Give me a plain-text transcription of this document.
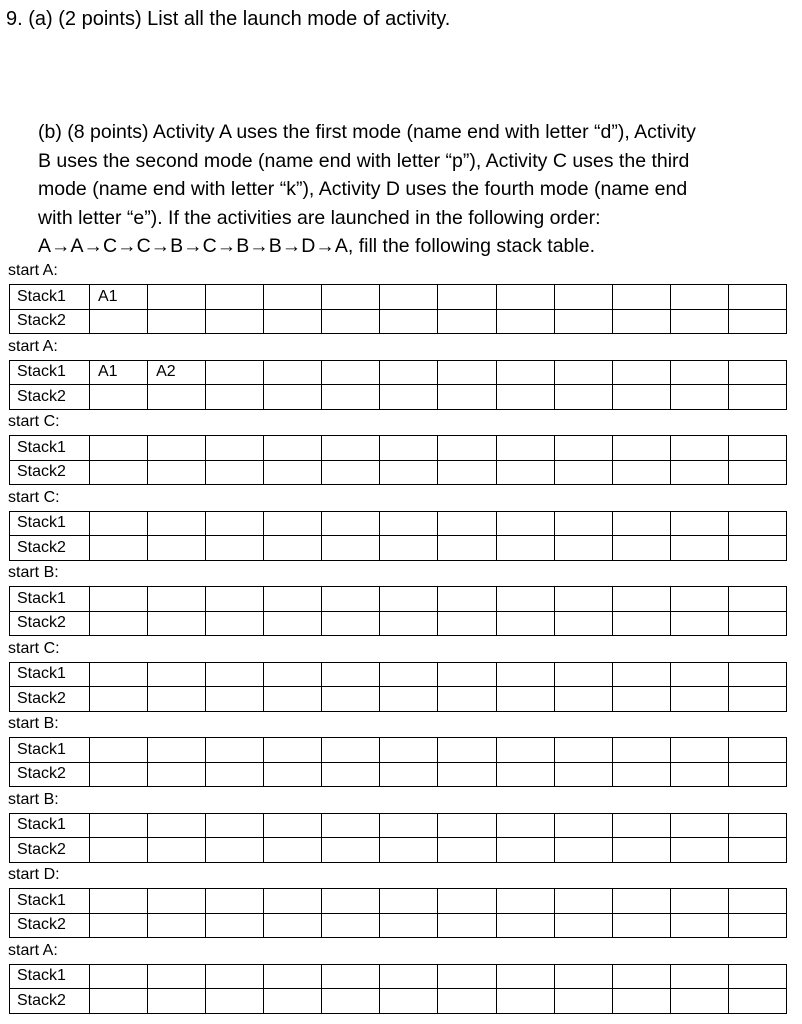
9. (a) (2 points) List all the launch mode of activity.

(b) (8 points) Activity A uses the first mode (name end with letter “d”), Activity

B uses the second mode (name end with letter “p”), Activity C uses the third

mode (name end with letter “k”), Activity D uses the fourth mode (name end

with letter “e”). If the activities are launched in the following order:

A→A→C→C→B→C→B→B→D→A, fill the following stack table.

start A:
Stack1	A1											
Stack2												
start A:
Stack1	A1	A2										
Stack2												
start C:
Stack1												
Stack2												
start C:
Stack1												
Stack2												
start B:
Stack1												
Stack2												
start C:
Stack1												
Stack2												
start B:
Stack1												
Stack2												
start B:
Stack1												
Stack2												
start D:
Stack1												
Stack2												
start A:
Stack1												
Stack2												
